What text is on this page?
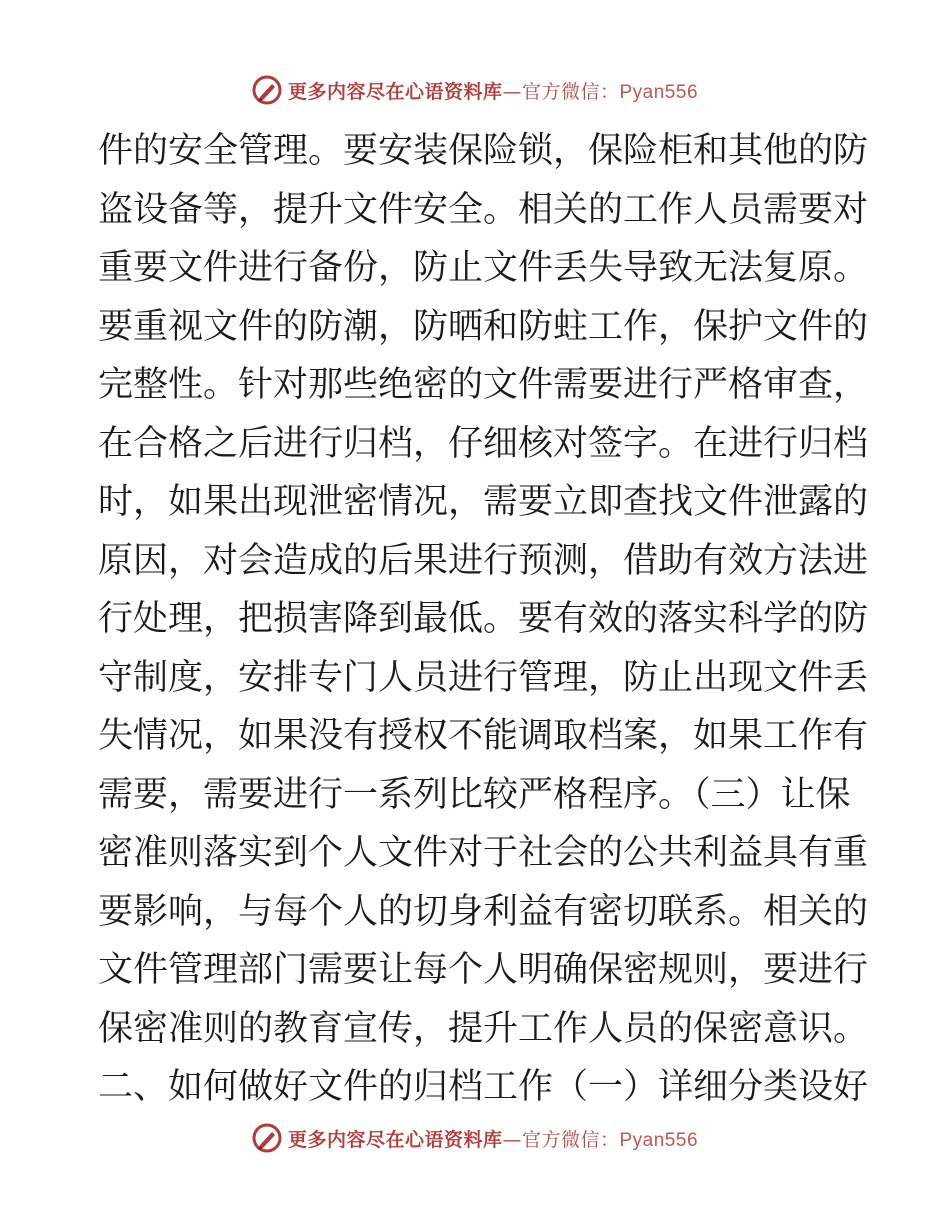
更多内容尽在心语资料库—官方微信：Pyan556
件的安全管理。要安装保险锁，保险柜和其他的防
盗设备等，提升文件安全。相关的工作人员需要对
重要文件进行备份，防止文件丢失导致无法复原。
要重视文件的防潮，防晒和防蛀工作，保护文件的
完整性。针对那些绝密的文件需要进行严格审查，
在合格之后进行归档，仔细核对签字。在进行归档
时，如果出现泄密情况，需要立即查找文件泄露的
原因，对会造成的后果进行预测，借助有效方法进
行处理，把损害降到最低。要有效的落实科学的防
守制度，安排专门人员进行管理，防止出现文件丢
失情况，如果没有授权不能调取档案，如果工作有
需要，需要进行一系列比较严格程序。（三）让保
密准则落实到个人文件对于社会的公共利益具有重
要影响，与每个人的切身利益有密切联系。相关的
文件管理部门需要让每个人明确保密规则，要进行
保密准则的教育宣传，提升工作人员的保密意识。
二、如何做好文件的归档工作（一）详细分类设好
更多内容尽在心语资料库—官方微信：Pyan556
